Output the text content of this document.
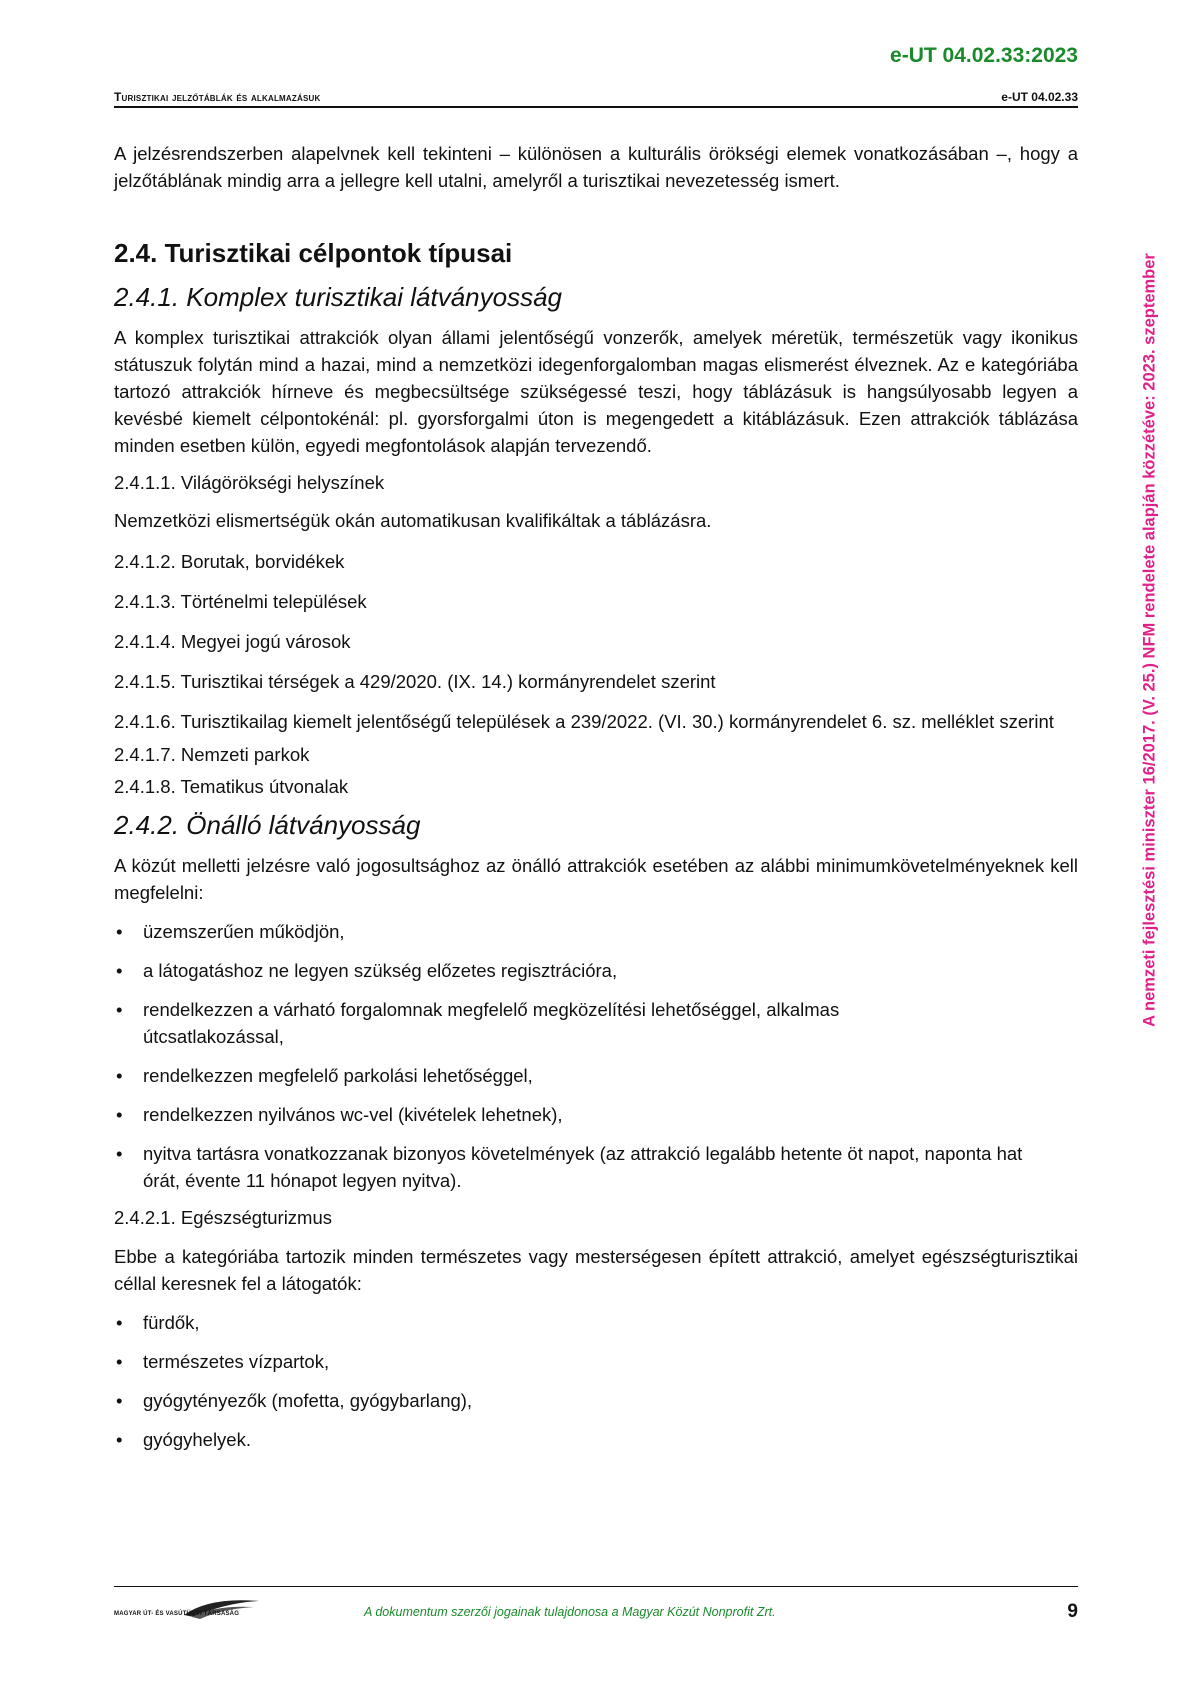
e-UT 04.02.33:2023
Turisztikai jelzőtáblák és alkalmazásuk	e-UT 04.02.33
A nemzeti fejlesztési miniszter 16/2017. (V. 25.) NFM rendelete alapján közzétéve: 2023. szeptember

A jelzésrendszerben alapelvnek kell tekinteni – különösen a kulturális örökségi elemek vonatkozásában –, hogy a jelzőtáblának mindig arra a jellegre kell utalni, amelyről a turisztikai nevezetesség ismert.

2.4. Turisztikai célpontok típusai
2.4.1. Komplex turisztikai látványosság

A komplex turisztikai attrakciók olyan állami jelentőségű vonzerők, amelyek méretük, természetük vagy ikonikus státuszuk folytán mind a hazai, mind a nemzetközi idegenforgalomban magas elismerést élveznek. Az e kategóriába tartozó attrakciók hírneve és megbecsültsége szükségessé teszi, hogy táblázásuk is hangsúlyosabb legyen a kevésbé kiemelt célpontokénál: pl. gyorsforgalmi úton is megengedett a kitáblázásuk. Ezen attrakciók táblázása minden esetben külön, egyedi megfontolások alapján tervezendő.

2.4.1.1. Világörökségi helyszínek

Nemzetközi elismertségük okán automatikusan kvalifikáltak a táblázásra.

2.4.1.2. Borutak, borvidékek

2.4.1.3. Történelmi települések

2.4.1.4. Megyei jogú városok

2.4.1.5. Turisztikai térségek a 429/2020. (IX. 14.) kormányrendelet szerint

2.4.1.6. Turisztikailag kiemelt jelentőségű települések a 239/2022. (VI. 30.) kormányrendelet 6. sz. melléklet szerint

2.4.1.7. Nemzeti parkok

2.4.1.8. Tematikus útvonalak

2.4.2. Önálló látványosság

A közút melletti jelzésre való jogosultsághoz az önálló attrakciók esetében az alábbi minimumkövetelményeknek kell megfelelni:

• üzemszerűen működjön,
• a látogatáshoz ne legyen szükség előzetes regisztrációra,
• rendelkezzen a várható forgalomnak megfelelő megközelítési lehetőséggel, alkalmas útcsatlakozással,
• rendelkezzen megfelelő parkolási lehetőséggel,
• rendelkezzen nyilvános wc-vel (kivételek lehetnek),
• nyitva tartásra vonatkozzanak bizonyos követelmények (az attrakció legalább hetente öt napot, naponta hat órát, évente 11 hónapot legyen nyitva).

2.4.2.1. Egészségturizmus

Ebbe a kategóriába tartozik minden természetes vagy mesterségesen épített attrakció, amelyet egészségturisztikai céllal keresnek fel a látogatók:

• fürdők,
• természetes vízpartok,
• gyógytényezők (mofetta, gyógybarlang),
• gyógyhelyek.
MAGYAR ÚT- ÉS VASÚTÜGYI TÁRSASÁG	A dokumentum szerzői jogainak tulajdonosa a Magyar Közút Nonprofit Zrt.	9
